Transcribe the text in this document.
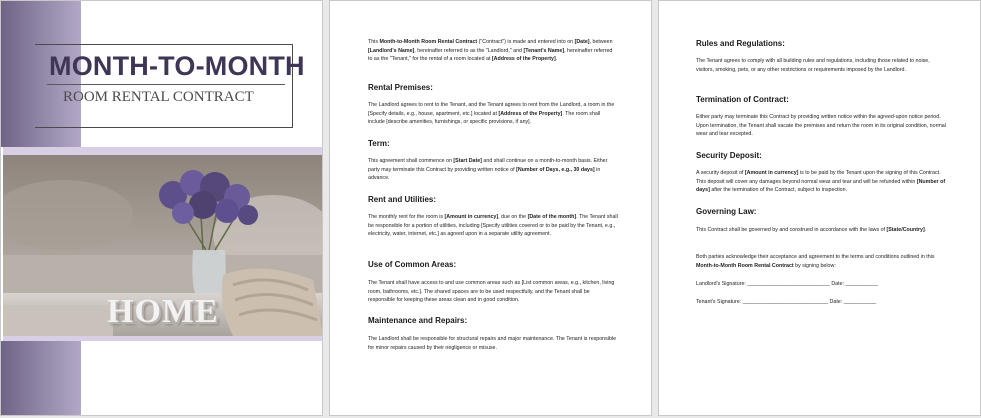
MONTH-TO-MONTH
ROOM RENTAL CONTRACT
HOME
This Month-to-Month Room Rental Contract ("Contract") is made and entered into on [Date], between [Landlord's Name], hereinafter referred to as the "Landlord," and [Tenant's Name], hereinafter referred to as the "Tenant," for the rental of a room located at [Address of the Property].
Rental Premises:
The Landlord agrees to rent to the Tenant, and the Tenant agrees to rent from the Landlord, a room in the [Specify details, e.g., house, apartment, etc.] located at [Address of the Property]. The room shall include [describe amenities, furnishings, or specific provisions, if any].
Term:
This agreement shall commence on [Start Date] and shall continue on a month-to-month basis. Either party may terminate this Contract by providing written notice of [Number of Days, e.g., 30 days] in advance.
Rent and Utilities:
The monthly rent for the room is [Amount in currency], due on the [Date of the month]. The Tenant shall be responsible for a portion of utilities, including [Specify utilities covered or to be paid by the Tenant, e.g., electricity, water, internet, etc.] as agreed upon in a separate utility agreement.
Use of Common Areas:
The Tenant shall have access to and use common areas such as [List common areas, e.g., kitchen, living room, bathrooms, etc.]. The shared spaces are to be used respectfully, and the Tenant shall be responsible for keeping these areas clean and in good condition.
Maintenance and Repairs:
The Landlord shall be responsible for structural repairs and major maintenance. The Tenant is responsible for minor repairs caused by their negligence or misuse.
Rules and Regulations:
The Tenant agrees to comply with all building rules and regulations, including those related to noise, visitors, smoking, pets, or any other restrictions or requirements imposed by the Landlord.
Termination of Contract:
Either party may terminate this Contract by providing written notice within the agreed-upon notice period. Upon termination, the Tenant shall vacate the premises and return the room in its original condition, normal wear and tear excepted.
Security Deposit:
A security deposit of [Amount in currency] is to be paid by the Tenant upon the signing of this Contract. This deposit will cover any damages beyond normal wear and tear and will be refunded within [Number of days] after the termination of the Contract, subject to inspection.
Governing Law:
This Contract shall be governed by and construed in accordance with the laws of [State/Country].
Both parties acknowledge their acceptance and agreement to the terms and conditions outlined in this Month-to-Month Room Rental Contract by signing below:
Landlord's Signature: ____________________________ Date: ___________
Tenant's Signature: _____________________________ Date: ___________
